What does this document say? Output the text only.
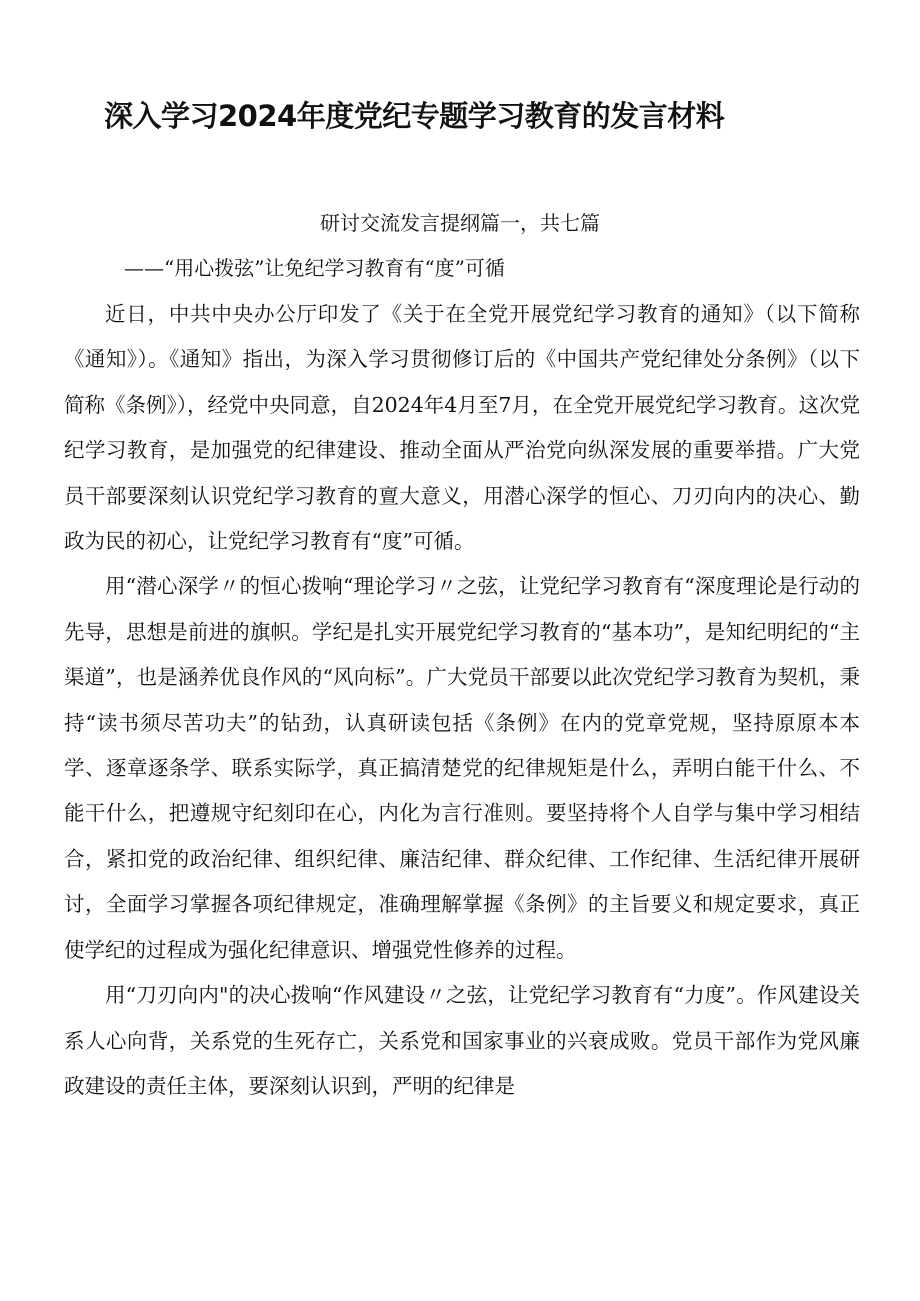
深入学习2024年度党纪专题学习教育的发言材料
研讨交流发言提纲篇一，共七篇
——“用心拨弦”让免纪学习教育有“度”可循

近日，中共中央办公厅印发了《关于在全党开展党纪学习教育的通知》（以下简称《通知》）。《通知》指出，为深入学习贯彻修订后的《中国共产党纪律处分条例》（以下简称《条例》），经党中央同意，自2024年4月至7月，在全党开展党纪学习教育。这次党纪学习教育，是加强党的纪律建设、推动全面从严治党向纵深发展的重要举措。广大党员干部要深刻认识党纪学习教育的亶大意义，用潜心深学的恒心、刀刃向内的决心、勤政为民的初心，让党纪学习教育有“度”可循。

用“潜心深学〃的恒心拨响“理论学习〃之弦，让党纪学习教育有“深度理论是行动的先导，思想是前进的旗帜。学纪是扎实开展党纪学习教育的“基本功”，是知纪明纪的“主渠道”，也是涵养优良作风的“风向标”。广大党员干部要以此次党纪学习教育为契机，秉持“读书须尽苦功夫”的钻劲，认真研读包括《条例》在内的党章党规，坚持原原本本学、逐章逐条学、联系实际学，真正搞清楚党的纪律规矩是什么，弄明白能干什么、不能干什么，把遵规守纪刻印在心，内化为言行准则。要坚持将个人自学与集中学习相结合，紧扣党的政治纪律、组织纪律、廉洁纪律、群众纪律、工作纪律、生活纪律开展研讨，全面学习掌握各项纪律规定，准确理解掌握《条例》的主旨要义和规定要求，真正使学纪的过程成为强化纪律意识、增强党性修养的过程。

用“刀刃向内"的决心拨响“作风建设〃之弦，让党纪学习教育有“力度”。作风建设关系人心向背，关系党的生死存亡，关系党和国家事业的兴衰成败。党员干部作为党风廉政建设的责任主体，要深刻认识到，严明的纪律是
